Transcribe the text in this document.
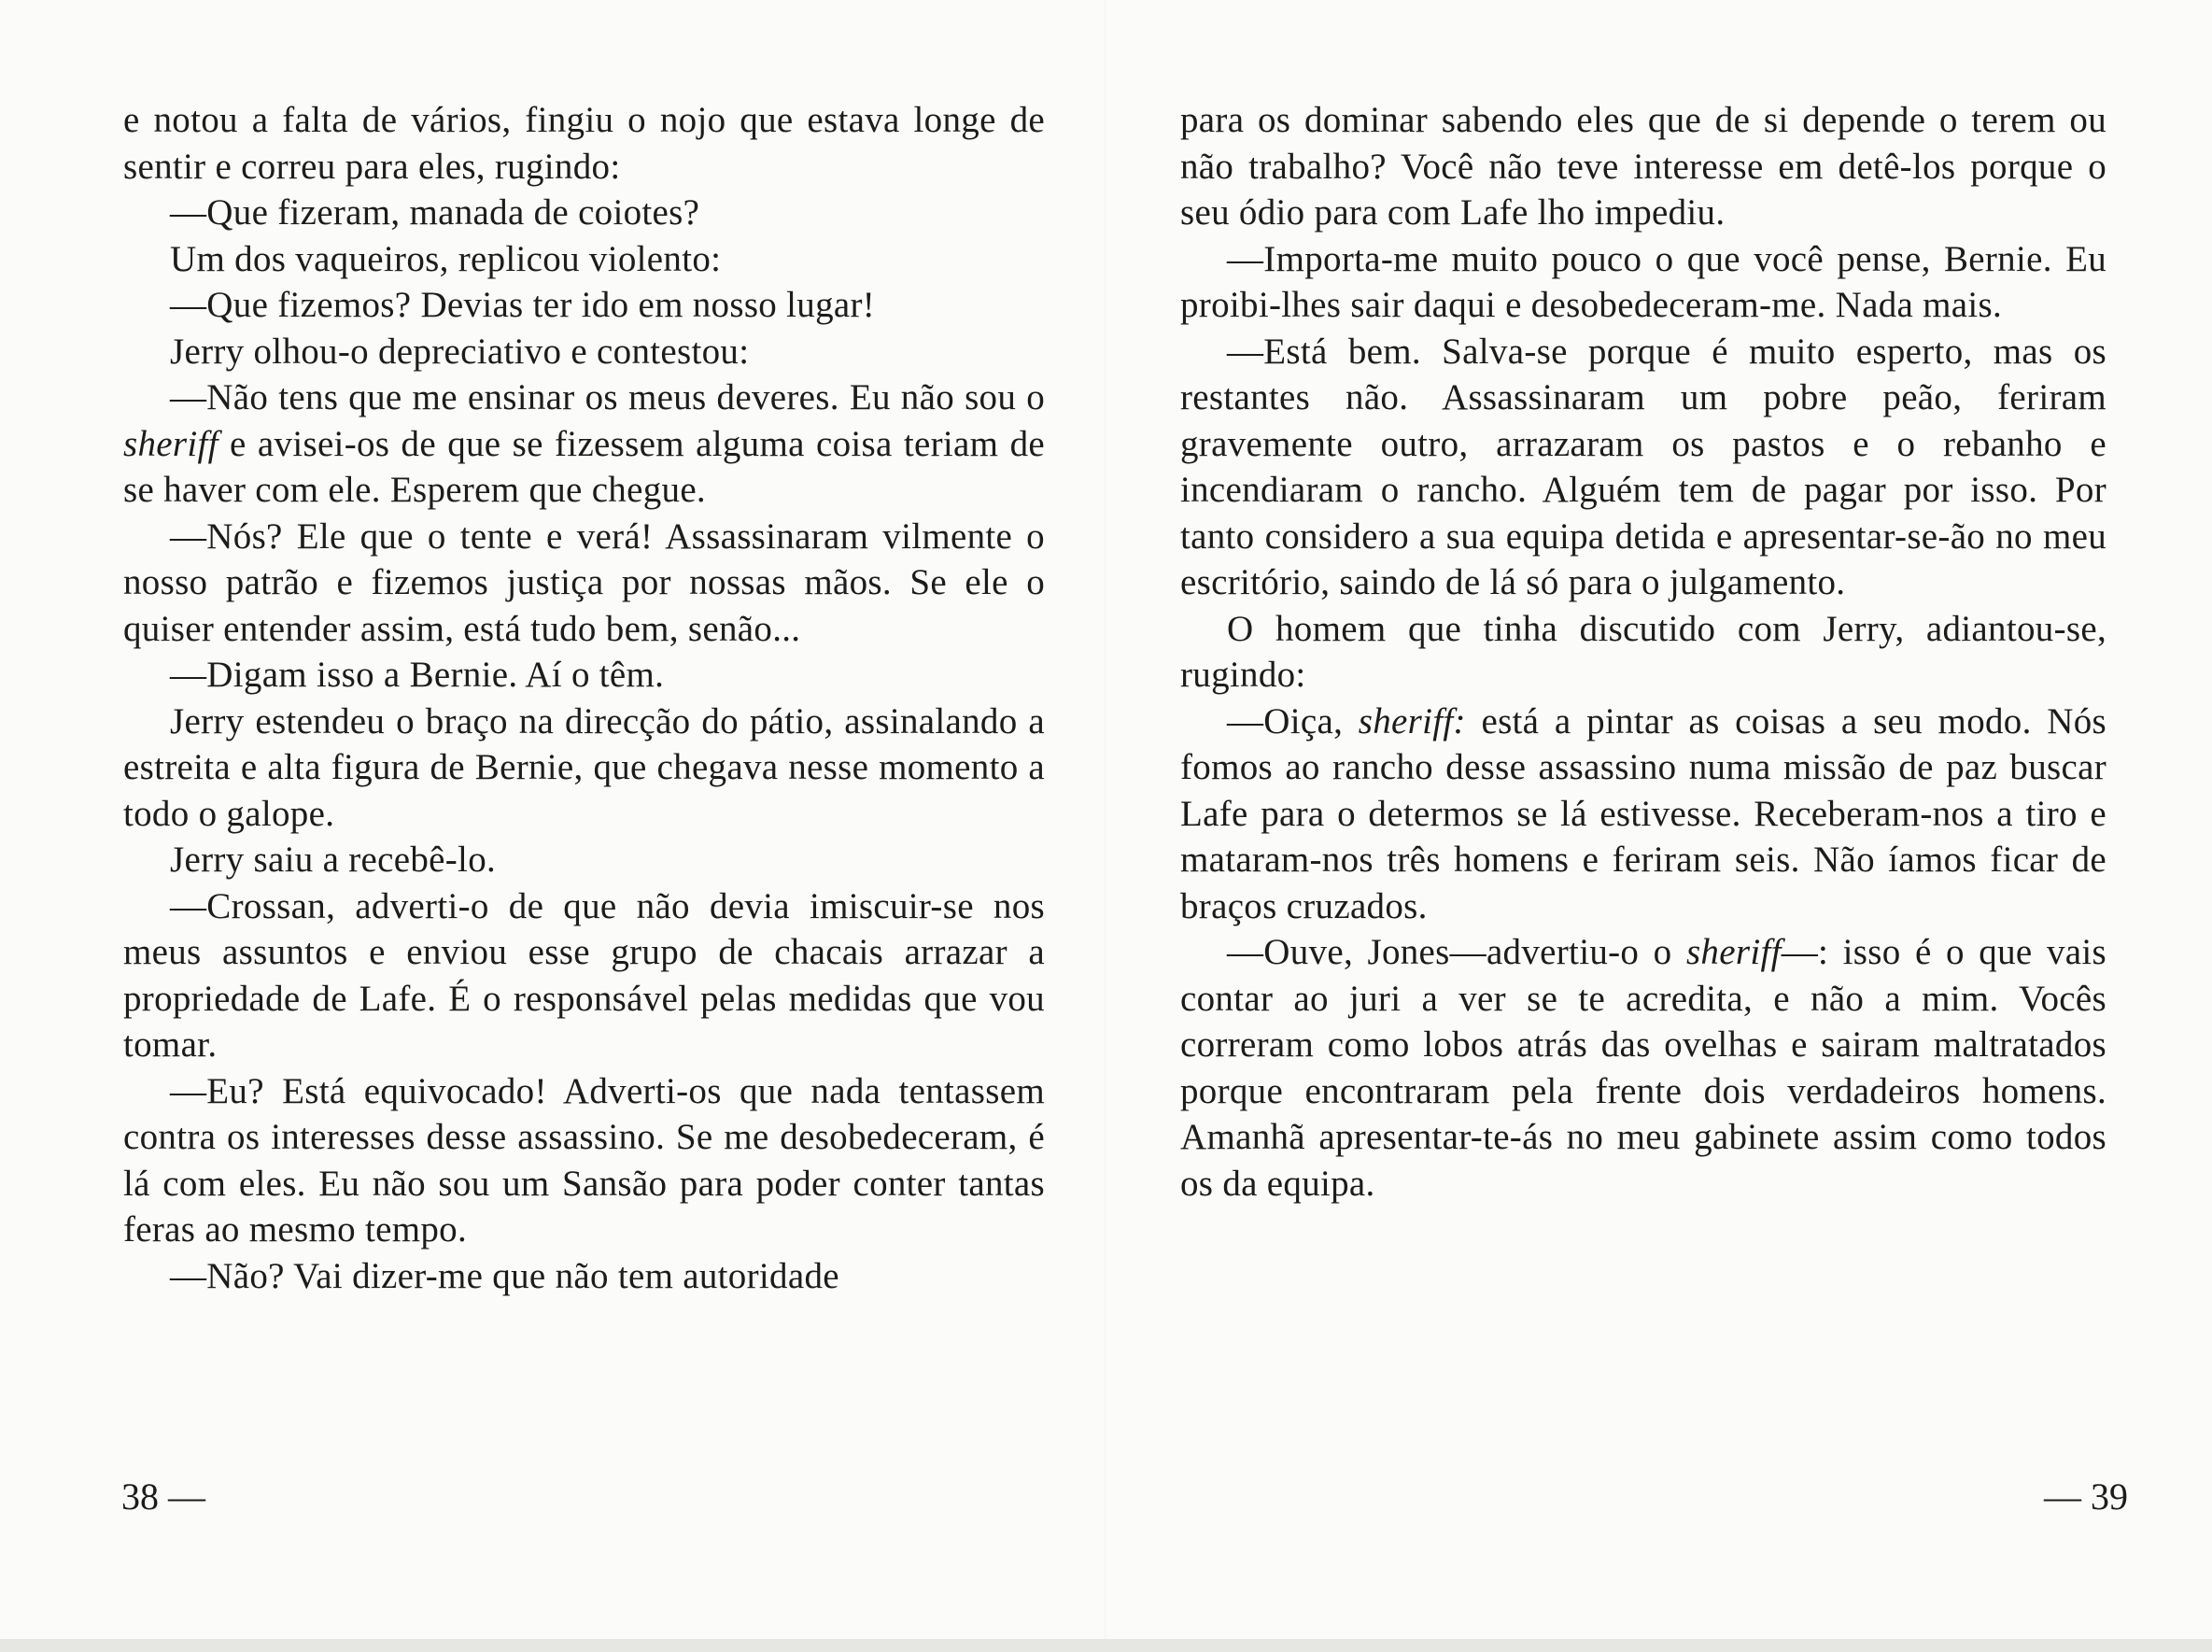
e notou a falta de vários, fingiu o nojo que estava longe de sentir e correu para eles, rugindo:

—Que fizeram, manada de coiotes?

Um dos vaqueiros, replicou violento:

—Que fizemos? Devias ter ido em nosso lugar!

Jerry olhou-o depreciativo e contestou:

—Não tens que me ensinar os meus deveres. Eu não sou o sheriff e avisei-os de que se fizessem alguma coisa teriam de se haver com ele. Esperem que chegue.

—Nós? Ele que o tente e verá! Assassinaram vilmente o nosso patrão e fizemos justiça por nossas mãos. Se ele o quiser entender assim, está tudo bem, senão...

—Digam isso a Bernie. Aí o têm.

Jerry estendeu o braço na direcção do pátio, assinalando a estreita e alta figura de Bernie, que chegava nesse momento a todo o galope.

Jerry saiu a recebê-lo.

—Crossan, adverti-o de que não devia imiscuir-se nos meus assuntos e enviou esse grupo de chacais arrazar a propriedade de Lafe. É o responsável pelas medidas que vou tomar.

—Eu? Está equivocado! Adverti-os que nada tentassem contra os interesses desse assassino. Se me desobedeceram, é lá com eles. Eu não sou um Sansão para poder conter tantas feras ao mesmo tempo.

—Não? Vai dizer-me que não tem autoridade

38 —

para os dominar sabendo eles que de si depende o terem ou não trabalho? Você não teve interesse em detê-los porque o seu ódio para com Lafe lho impediu.

—Importa-me muito pouco o que você pense, Bernie. Eu proibi-lhes sair daqui e desobedeceram-me. Nada mais.

—Está bem. Salva-se porque é muito esperto, mas os restantes não. Assassinaram um pobre peão, feriram gravemente outro, arrazaram os pastos e o rebanho e incendiaram o rancho. Alguém tem de pagar por isso. Por tanto considero a sua equipa detida e apresentar-se-ão no meu escritório, saindo de lá só para o julgamento.

O homem que tinha discutido com Jerry, adiantou-se, rugindo:

—Oiça, sheriff: está a pintar as coisas a seu modo. Nós fomos ao rancho desse assassino numa missão de paz buscar Lafe para o determos se lá estivesse. Receberam-nos a tiro e mataram-nos três homens e feriram seis. Não íamos ficar de braços cruzados.

—Ouve, Jones—advertiu-o o sheriff—: isso é o que vais contar ao juri a ver se te acredita, e não a mim. Vocês correram como lobos atrás das ovelhas e sairam maltratados porque encontraram pela frente dois verdadeiros homens. Amanhã apresentar-te-ás no meu gabinete assim como todos os da equipa.

— 39
